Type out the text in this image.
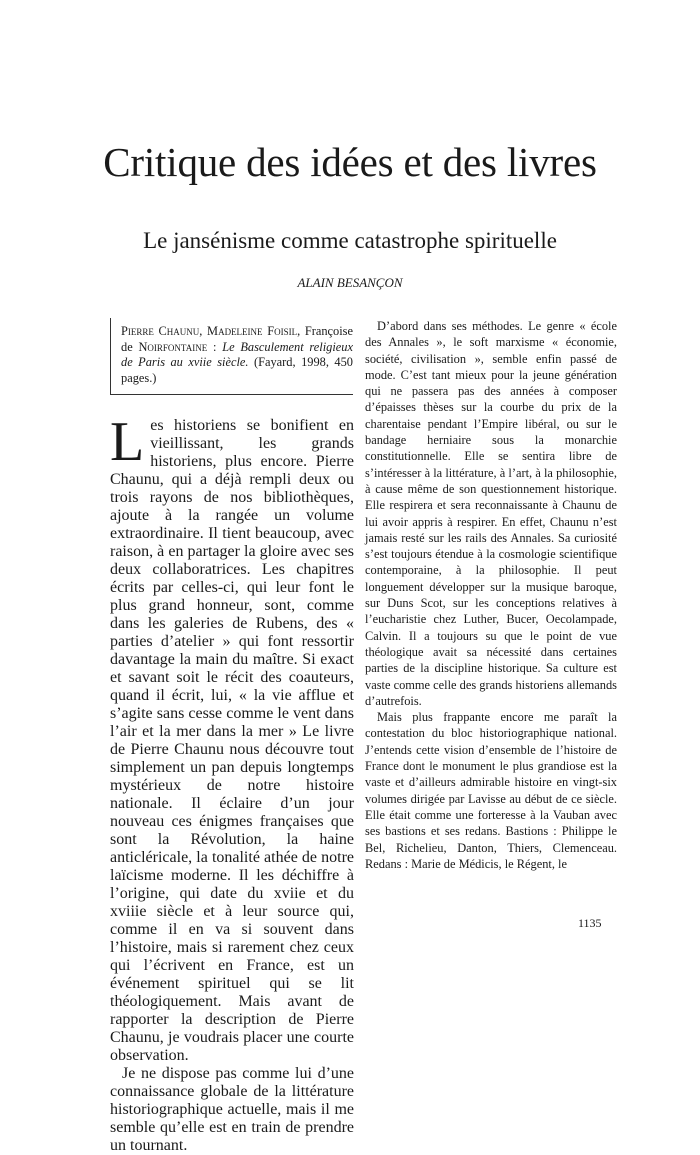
Critique des idées et des livres
Le jansénisme comme catastrophe spirituelle
ALAIN BESANÇON
Pierre Chaunu, Madeleine Foisil, Françoise de Noirfontaine : Le Basculement religieux de Paris au xviie siècle. (Fayard, 1998, 450 pages.)

Les historiens se bonifient en vieillissant, les grands historiens, plus encore. Pierre Chaunu, qui a déjà rempli deux ou trois rayons de nos bibliothèques, ajoute à la rangée un volume extraordinaire. Il tient beaucoup, avec raison, à en partager la gloire avec ses deux collaboratrices. Les chapitres écrits par celles-ci, qui leur font le plus grand honneur, sont, comme dans les galeries de Rubens, des « parties d’atelier » qui font ressortir davantage la main du maître. Si exact et savant soit le récit des coauteurs, quand il écrit, lui, « la vie afflue et s’agite sans cesse comme le vent dans l’air et la mer dans la mer » Le livre de Pierre Chaunu nous découvre tout simplement un pan depuis longtemps mystérieux de notre histoire nationale. Il éclaire d’un jour nouveau ces énigmes françaises que sont la Révolution, la haine anticléricale, la tonalité athée de notre laïcisme moderne. Il les déchiffre à l’origine, qui date du xviie et du xviiie siècle et à leur source qui, comme il en va si souvent dans l’histoire, mais si rarement chez ceux qui l’écrivent en France, est un événement spirituel qui se lit théologiquement. Mais avant de rapporter la description de Pierre Chaunu, je voudrais placer une courte observation.

Je ne dispose pas comme lui d’une connaissance globale de la littérature historiographique actuelle, mais il me semble qu’elle est en train de prendre un tournant.

D’abord dans ses méthodes. Le genre « école des Annales », le soft marxisme « économie, société, civilisation », semble enfin passé de mode. C’est tant mieux pour la jeune génération qui ne passera pas des années à composer d’épaisses thèses sur la courbe du prix de la charentaise pendant l’Empire libéral, ou sur le bandage herniaire sous la monarchie constitutionnelle. Elle se sentira libre de s’intéresser à la littérature, à l’art, à la philosophie, à cause même de son questionnement historique. Elle respirera et sera reconnaissante à Chaunu de lui avoir appris à respirer. En effet, Chaunu n’est jamais resté sur les rails des Annales. Sa curiosité s’est toujours étendue à la cosmologie scientifique contemporaine, à la philosophie. Il peut longuement développer sur la musique baroque, sur Duns Scot, sur les conceptions relatives à l’eucharistie chez Luther, Bucer, Oecolampade, Calvin. Il a toujours su que le point de vue théologique avait sa nécessité dans certaines parties de la discipline historique. Sa culture est vaste comme celle des grands historiens allemands d’autrefois.

Mais plus frappante encore me paraît la contestation du bloc historiographique national. J’entends cette vision d’ensemble de l’histoire de France dont le monument le plus grandiose est la vaste et d’ailleurs admirable histoire en vingt-six volumes dirigée par Lavisse au début de ce siècle. Elle était comme une forteresse à la Vauban avec ses bastions et ses redans. Bastions : Philippe le Bel, Richelieu, Danton, Thiers, Clemenceau. Redans : Marie de Médicis, le Régent, le

1135
